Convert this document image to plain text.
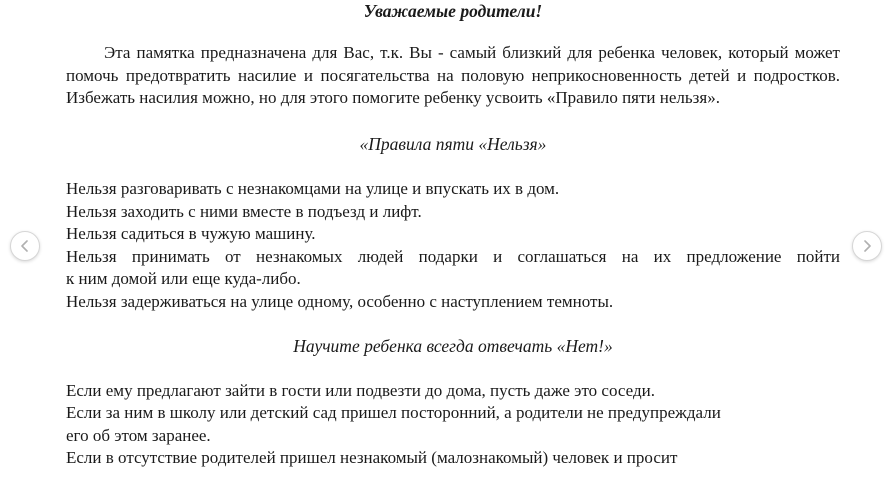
Уважаемые родители!

Эта памятка предназначена для Вас, т.к. Вы - самый близкий для ребенка человек, который может помочь предотвратить насилие и посягательства на половую неприкосновенность детей и подростков. Избежать насилия можно, но для этого помогите ребенку усвоить «Правило пяти нельзя».

«Правила пяти «Нельзя»

Нельзя разговаривать с незнакомцами на улице и впускать их в дом.

Нельзя заходить с ними вместе в подъезд и лифт.

Нельзя садиться в чужую машину.

Нельзя принимать от незнакомых людей подарки и соглашаться на их предложение пойти

к ним домой или еще куда-либо.

Нельзя задерживаться на улице одному, особенно с наступлением темноты.

Научите ребенка всегда отвечать «Нет!»

Если ему предлагают зайти в гости или подвезти до дома, пусть даже это соседи.

Если за ним в школу или детский сад пришел посторонний, а родители не предупреждали

его об этом заранее.

Если в отсутствие родителей пришел незнакомый (малознакомый) человек и просит
